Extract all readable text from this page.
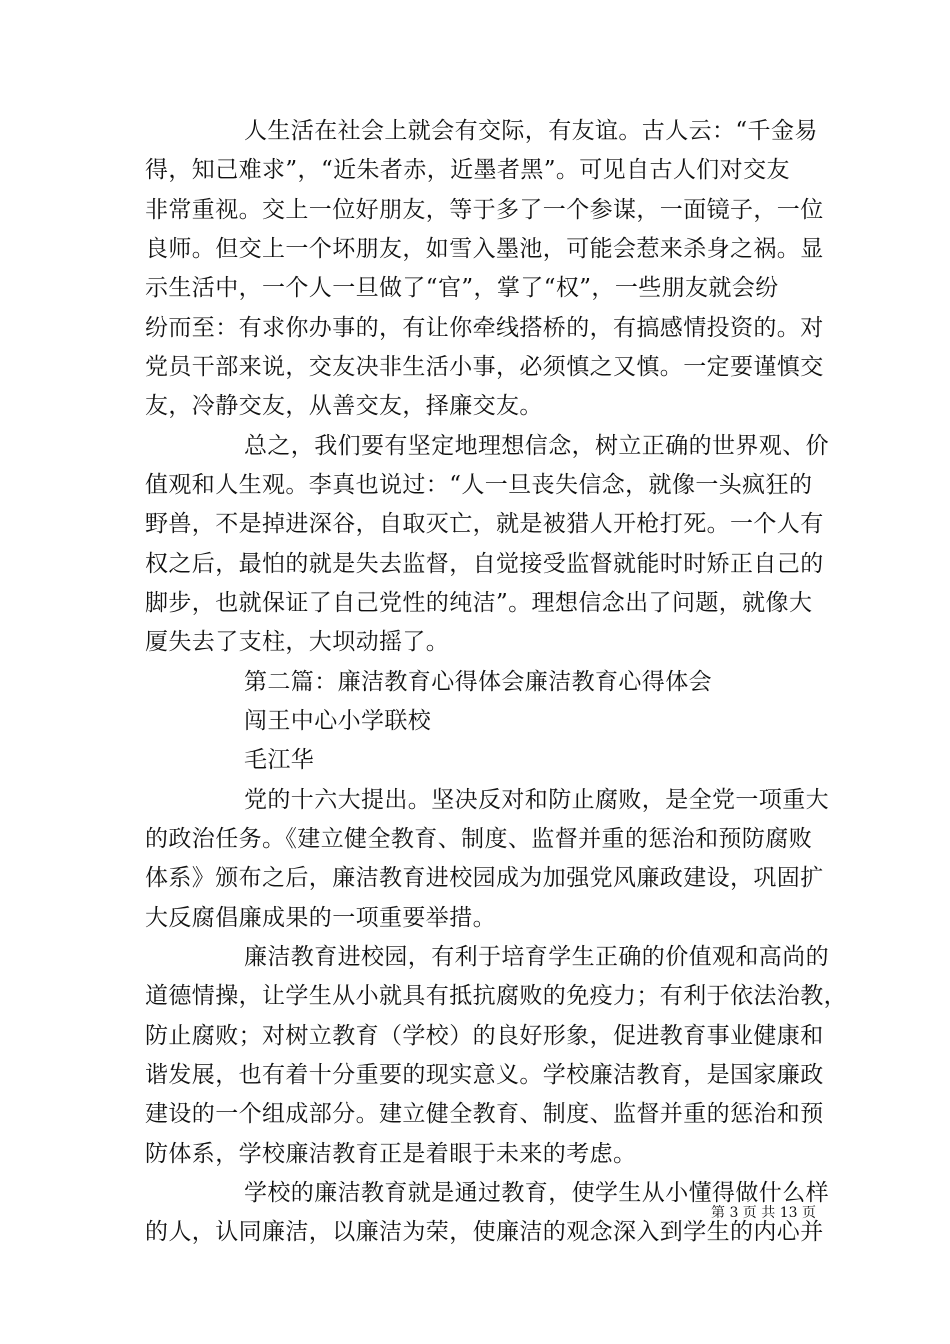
人生活在社会上就会有交际，有友谊。古人云：“千金易
得，知己难求”，“近朱者赤，近墨者黑”。可见自古人们对交友
非常重视。交上一位好朋友，等于多了一个参谋，一面镜子，一位
良师。但交上一个坏朋友，如雪入墨池，可能会惹来杀身之祸。显
示生活中，一个人一旦做了“官”，掌了“权”，一些朋友就会纷
纷而至：有求你办事的，有让你牵线搭桥的，有搞感情投资的。对
党员干部来说，交友决非生活小事，必须慎之又慎。一定要谨慎交
友，冷静交友，从善交友，择廉交友。
总之，我们要有坚定地理想信念，树立正确的世界观、价
值观和人生观。李真也说过：“人一旦丧失信念，就像一头疯狂的
野兽，不是掉进深谷，自取灭亡，就是被猎人开枪打死。一个人有
权之后，最怕的就是失去监督，自觉接受监督就能时时矫正自己的
脚步，也就保证了自己党性的纯洁”。理想信念出了问题，就像大
厦失去了支柱，大坝动摇了。
第二篇：廉洁教育心得体会廉洁教育心得体会
闯王中心小学联校
毛江华
党的十六大提出。坚决反对和防止腐败，是全党一项重大
的政治任务。《建立健全教育、制度、监督并重的惩治和预防腐败
体系》颁布之后，廉洁教育进校园成为加强党风廉政建设，巩固扩
大反腐倡廉成果的一项重要举措。
廉洁教育进校园，有利于培育学生正确的价值观和高尚的
道德情操，让学生从小就具有抵抗腐败的免疫力；有利于依法治教，
防止腐败；对树立教育（学校）的良好形象，促进教育事业健康和
谐发展，也有着十分重要的现实意义。学校廉洁教育，是国家廉政
建设的一个组成部分。建立健全教育、制度、监督并重的惩治和预
防体系，学校廉洁教育正是着眼于未来的考虑。
学校的廉洁教育就是通过教育，使学生从小懂得做什么样
的人，认同廉洁，以廉洁为荣，使廉洁的观念深入到学生的内心并
第 3 页 共 13 页
